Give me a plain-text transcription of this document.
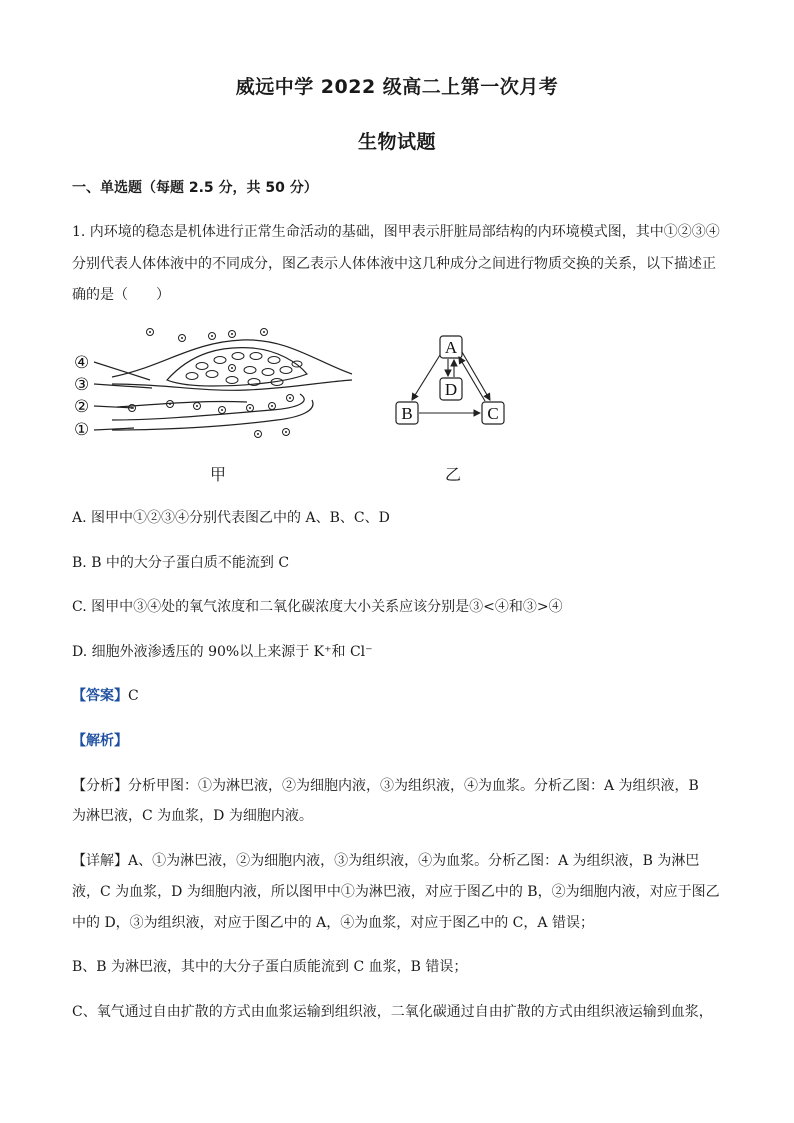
威远中学 2022 级高二上第一次月考
生物试题
一、单选题（每题 2.5 分，共 50 分）
1. 内环境的稳态是机体进行正常生命活动的基础，图甲表示肝脏局部结构的内环境模式图，其中①②③④
分别代表人体体液中的不同成分，图乙表示人体体液中这几种成分之间进行物质交换的关系，以下描述正
确的是（　　）
④
③
②
①
甲
A
D
B	C
乙
A. 图甲中①②③④分别代表图乙中的 A、B、C、D
B. B 中的大分子蛋白质不能流到 C
C. 图甲中③④处的氧气浓度和二氧化碳浓度大小关系应该分别是③<④和③>④
D. 细胞外液渗透压的 90%以上来源于 K⁺和 Cl⁻
【答案】C
【解析】
【分析】分析甲图：①为淋巴液，②为细胞内液，③为组织液，④为血浆。分析乙图：A 为组织液，B
为淋巴液，C 为血浆，D 为细胞内液。
【详解】A、①为淋巴液，②为细胞内液，③为组织液，④为血浆。分析乙图：A 为组织液，B 为淋巴
液，C 为血浆，D 为细胞内液，所以图甲中①为淋巴液，对应于图乙中的 B，②为细胞内液，对应于图乙
中的 D，③为组织液，对应于图乙中的 A，④为血浆，对应于图乙中的 C，A 错误；
B、B 为淋巴液，其中的大分子蛋白质能流到 C 血浆，B 错误；
C、氧气通过自由扩散的方式由血浆运输到组织液，二氧化碳通过自由扩散的方式由组织液运输到血浆，
